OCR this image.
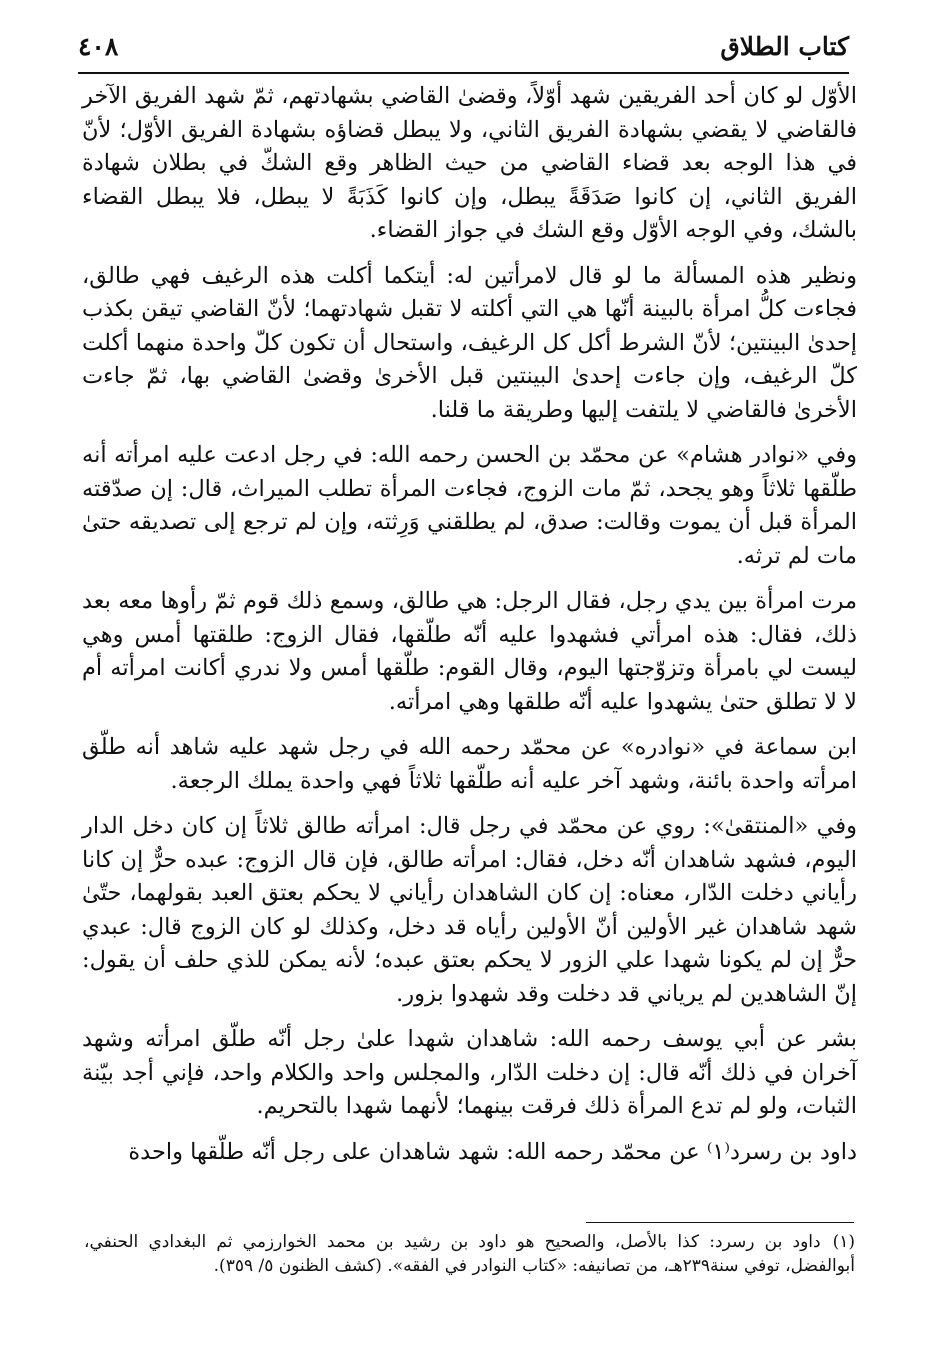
كتاب الطلاق
٤٠٨

الأوّل لو كان أحد الفريقين شهد أوّلاً، وقضىٰ القاضي بشهادتهم، ثمّ شهد الفريق الآخر فالقاضي لا يقضي بشهادة الفريق الثاني، ولا يبطل قضاؤه بشهادة الفريق الأوّل؛ لأنّ في هذا الوجه بعد قضاء القاضي من حيث الظاهر وقع الشكّ في بطلان شهادة الفريق الثاني، إن كانوا صَدَقَةً يبطل، وإن كانوا كَذَبَةً لا يبطل، فلا يبطل القضاء بالشك، وفي الوجه الأوّل وقع الشك في جواز القضاء.

ونظير هذه المسألة ما لو قال لامرأتين له: أيتكما أكلت هذه الرغيف فهي طالق، فجاءت كلُّ امرأة بالبينة أنّها هي التي أكلته لا تقبل شهادتهما؛ لأنّ القاضي تيقن بكذب إحدىٰ البينتين؛ لأنّ الشرط أكل كل الرغيف، واستحال أن تكون كلّ واحدة منهما أكلت كلّ الرغيف، وإن جاءت إحدىٰ البينتين قبل الأخرىٰ وقضىٰ القاضي بها، ثمّ جاءت الأخرىٰ فالقاضي لا يلتفت إليها وطريقة ما قلنا.

وفي «نوادر هشام» عن محمّد بن الحسن رحمه الله: في رجل ادعت عليه امرأته أنه طلّقها ثلاثاً وهو يجحد، ثمّ مات الزوج، فجاءت المرأة تطلب الميراث، قال: إن صدّقته المرأة قبل أن يموت وقالت: صدق، لم يطلقني وَرِثته، وإن لم ترجع إلى تصديقه حتىٰ مات لم ترثه.

مرت امرأة بين يدي رجل، فقال الرجل: هي طالق، وسمع ذلك قوم ثمّ رأوها معه بعد ذلك، فقال: هذه امرأتي فشهدوا عليه أنّه طلّقها، فقال الزوج: طلقتها أمس وهي ليست لي بامرأة وتزوّجتها اليوم، وقال القوم: طلّقها أمس ولا ندري أكانت امرأته أم لا لا تطلق حتىٰ يشهدوا عليه أنّه طلقها وهي امرأته.

ابن سماعة في «نوادره» عن محمّد رحمه الله في رجل شهد عليه شاهد أنه طلّق امرأته واحدة بائنة، وشهد آخر عليه أنه طلّقها ثلاثاً فهي واحدة يملك الرجعة.

وفي «المنتقىٰ»: روي عن محمّد في رجل قال: امرأته طالق ثلاثاً إن كان دخل الدار اليوم، فشهد شاهدان أنّه دخل، فقال: امرأته طالق، فإن قال الزوج: عبده حرٌّ إن كانا رأياني دخلت الدّار، معناه: إن كان الشاهدان رأياني لا يحكم بعتق العبد بقولهما، حتّىٰ شهد شاهدان غير الأولين أنّ الأولين رأياه قد دخل، وكذلك لو كان الزوج قال: عبدي حرٌّ إن لم يكونا شهدا علي الزور لا يحكم بعتق عبده؛ لأنه يمكن للذي حلف أن يقول: إنّ الشاهدين لم يرياني قد دخلت وقد شهدوا بزور.

بشر عن أبي يوسف رحمه الله: شاهدان شهدا علىٰ رجل أنّه طلّق امرأته وشهد آخران في ذلك أنّه قال: إن دخلت الدّار، والمجلس واحد والكلام واحد، فإني أجد بيّنة الثبات، ولو لم تدع المرأة ذلك فرقت بينهما؛ لأنهما شهدا بالتحريم.

داود بن رسرد⁽١⁾ عن محمّد رحمه الله: شهد شاهدان على رجل أنّه طلّقها واحدة

(١)داود بن رسرد: كذا بالأصل، والصحيح هو داود بن رشيد بن محمد الخوارزمي ثم البغدادي الحنفي، أبوالفضل، توفي سنة٢٣٩هـ، من تصانيفه: «كتاب النوادر في الفقه». (كشف الظنون ٥/ ٣٥٩).
